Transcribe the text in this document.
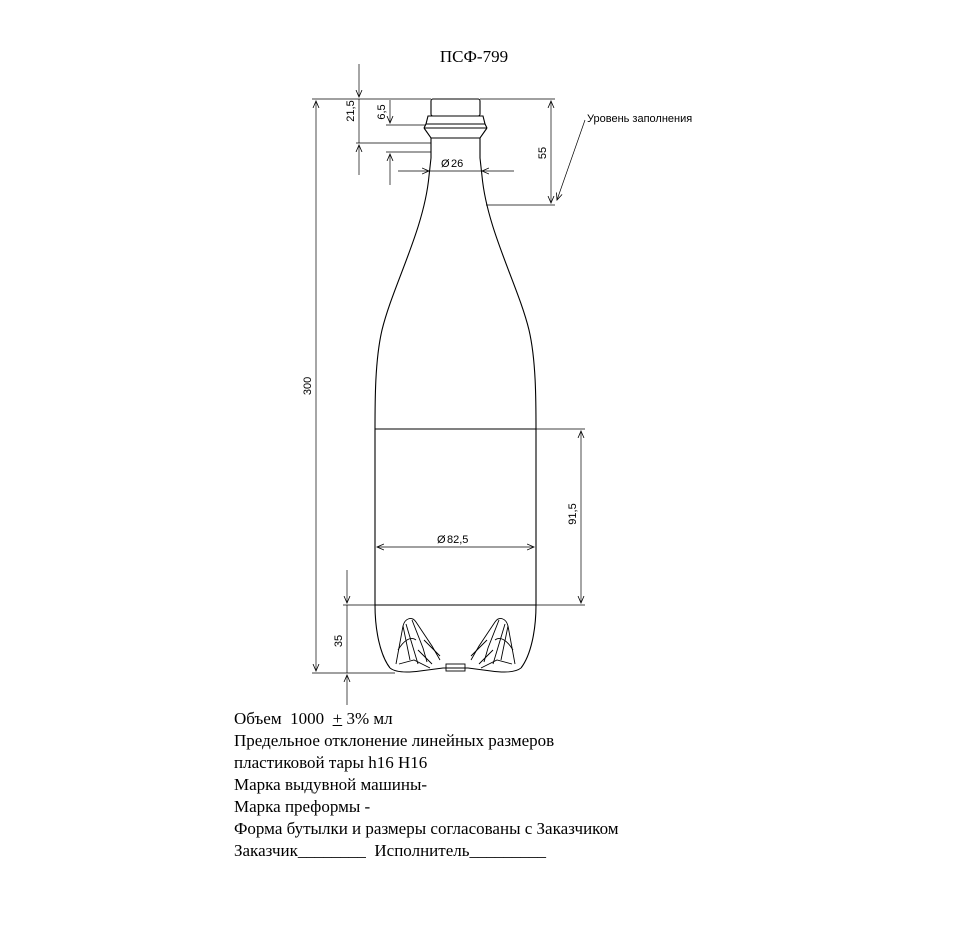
ПСФ-799
300
21,5 6,5
55
91,5
35
Ø 26
Ø 82,5
Уровень заполнения
Объем  1000  + 3% мл
Предельное отклонение линейных размеров
пластиковой тары h16 H16
Марка выдувной машины-
Марка преформы -
Форма бутылки и размеры согласованы с Заказчиком
Заказчик________  Исполнитель_________
